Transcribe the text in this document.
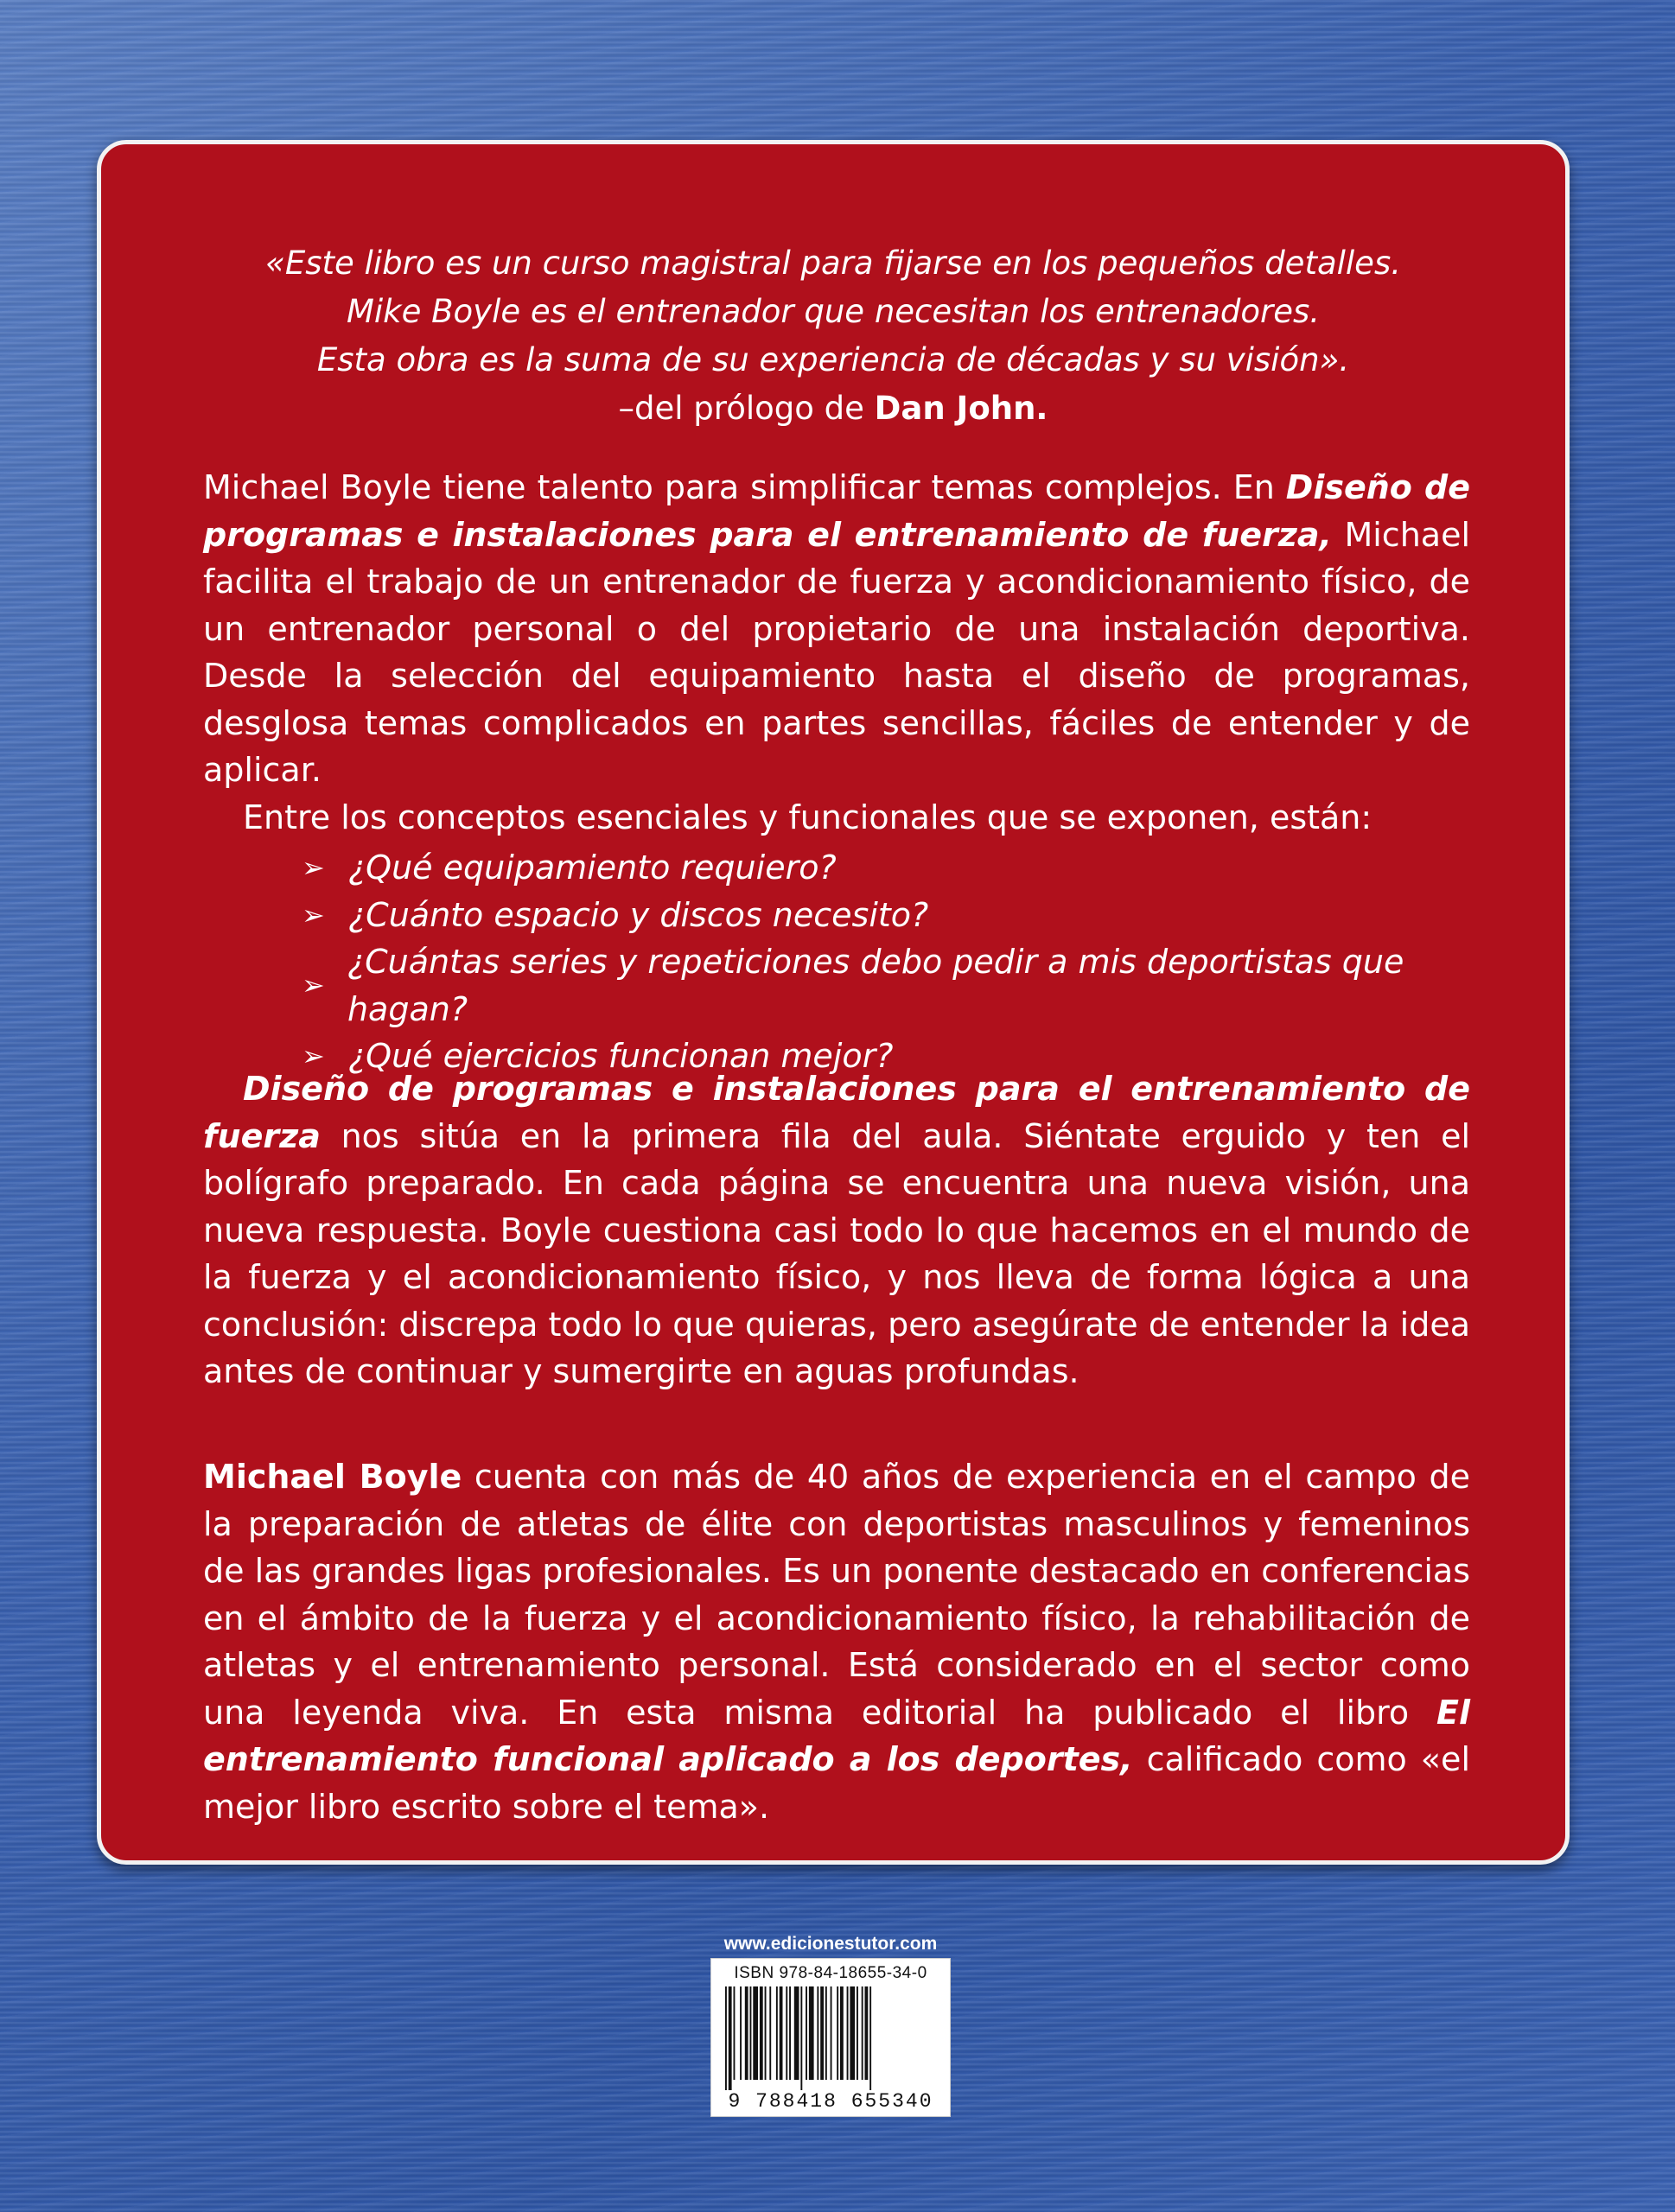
«Este libro es un curso magistral para fijarse en los pequeños detalles.
Mike Boyle es el entrenador que necesitan los entrenadores.
Esta obra es la suma de su experiencia de décadas y su visión».
–del prólogo de Dan John.
Michael Boyle tiene talento para simplificar temas complejos. En Diseño de programas e instalaciones para el entrenamiento de fuerza, Michael facilita el trabajo de un entrenador de fuerza y acondicionamiento físico, de un entrenador personal o del propietario de una instalación deportiva. Desde la selección del equipamiento hasta el diseño de programas, desglosa temas complicados en partes sencillas, fáciles de entender y de aplicar.
Entre los conceptos esenciales y funcionales que se exponen, están:
➢ ¿Qué equipamiento requiero?
➢ ¿Cuánto espacio y discos necesito?
➢
¿Cuántas series y repeticiones debo pedir a mis deportistas que hagan?
➢ ¿Qué ejercicios funcionan mejor?
Diseño de programas e instalaciones para el entrenamiento de fuerza nos sitúa en la primera fila del aula. Siéntate erguido y ten el bolígrafo preparado. En cada página se encuentra una nueva visión, una nueva respuesta. Boyle cuestiona casi todo lo que hacemos en el mundo de la fuerza y el acondicionamiento físico, y nos lleva de forma lógica a una conclusión: discrepa todo lo que quieras, pero asegúrate de entender la idea antes de continuar y sumergirte en aguas profundas.
Michael Boyle cuenta con más de 40 años de experiencia en el campo de la preparación de atletas de élite con deportistas masculinos y femeninos de las grandes ligas profesionales. Es un ponente destacado en conferencias en el ámbito de la fuerza y el acondicionamiento físico, la rehabilitación de atletas y el entrenamiento personal. Está considerado en el sector como una leyenda viva. En esta misma editorial ha publicado el libro El entrenamiento funcional aplicado a los deportes, calificado como «el mejor libro escrito sobre el tema».
www.edicionestutor.com
ISBN 978-84-18655-34-0
9 788418 655340
